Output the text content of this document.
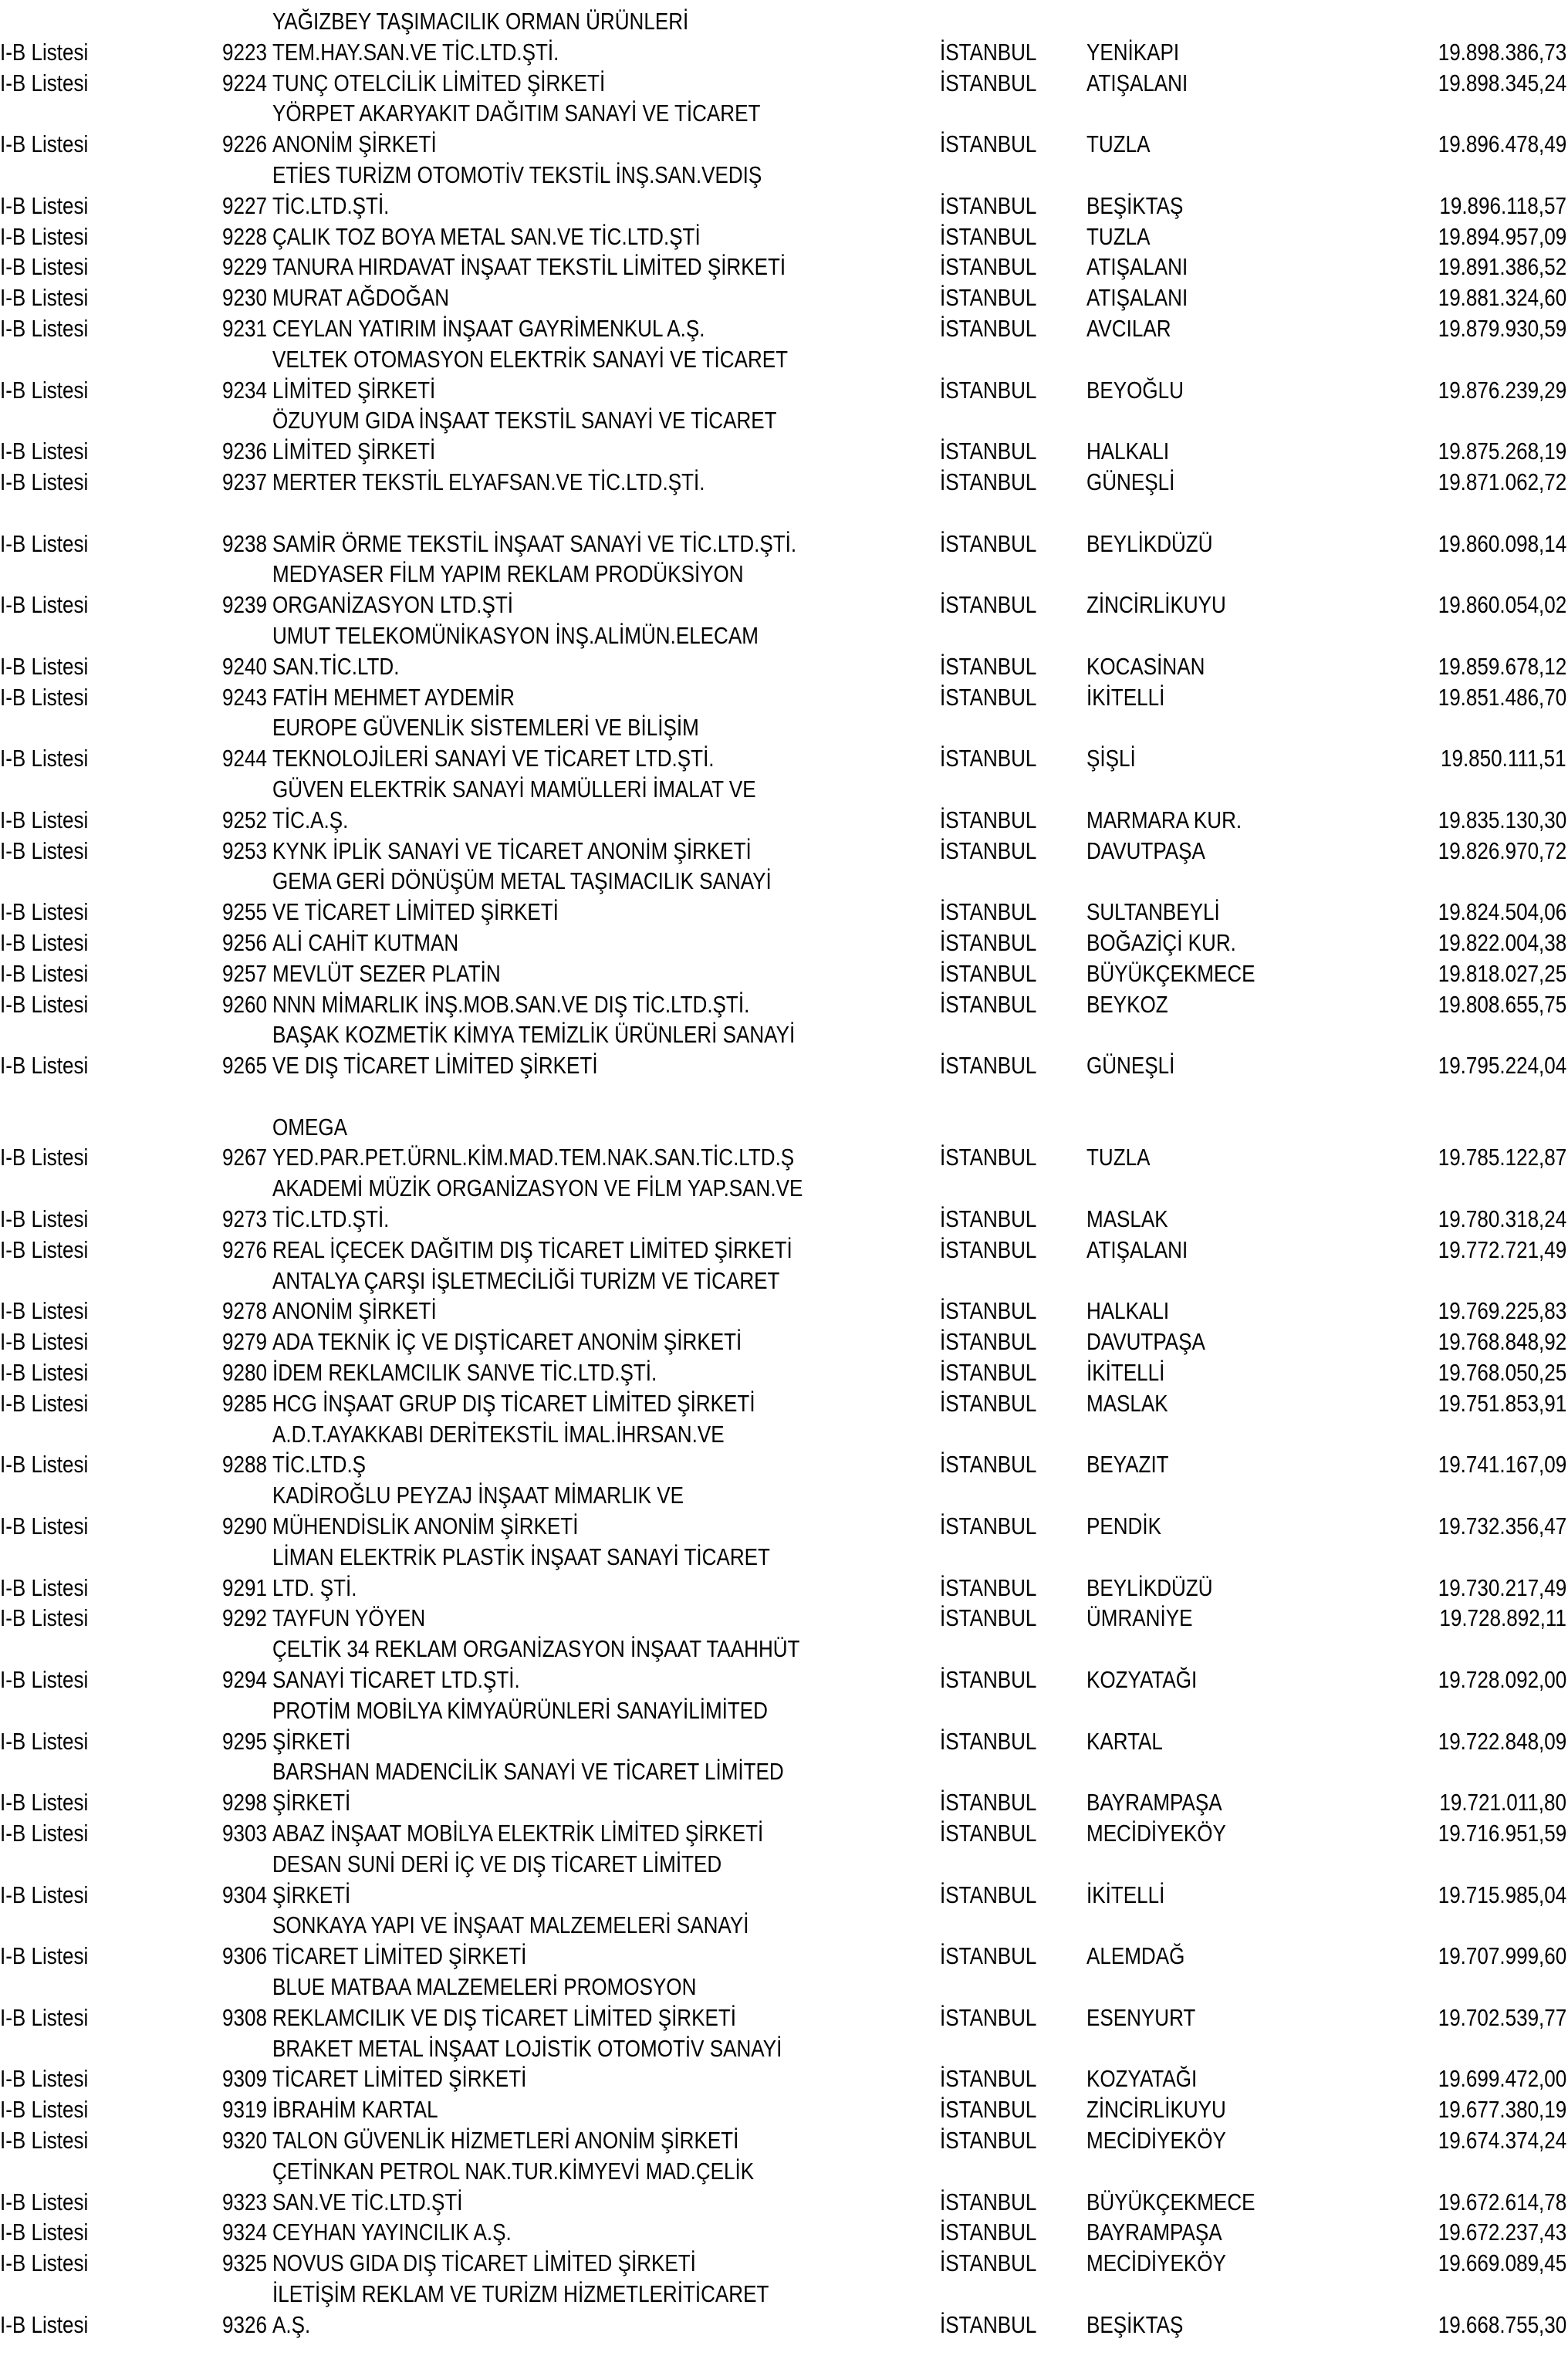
YAĞIZBEY TAŞIMACILIK ORMAN ÜRÜNLERİ
I-B Listesi	9223 TEM.HAY.SAN.VE TİC.LTD.ŞTİ.	İSTANBUL YENİKAPI	19.898.386,73
I-B Listesi	9224 TUNÇ OTELCİLİK LİMİTED ŞİRKETİ	İSTANBUL ATIŞALANI	19.898.345,24
YÖRPET AKARYAKIT DAĞITIM SANAYİ VE TİCARET
I-B Listesi	9226 ANONİM ŞİRKETİ	İSTANBUL TUZLA	19.896.478,49
ETİES TURİZM OTOMOTİV TEKSTİL İNŞ.SAN.VEDIŞ
I-B Listesi	9227 TİC.LTD.ŞTİ.	İSTANBUL BEŞİKTAŞ	19.896.118,57
I-B Listesi	9228 ÇALIK TOZ BOYA METAL SAN.VE TİC.LTD.ŞTİ	İSTANBUL TUZLA	19.894.957,09
I-B Listesi	9229 TANURA HIRDAVAT İNŞAAT TEKSTİL LİMİTED ŞİRKETİ	İSTANBUL ATIŞALANI	19.891.386,52
I-B Listesi	9230 MURAT AĞDOĞAN	İSTANBUL ATIŞALANI	19.881.324,60
I-B Listesi	9231 CEYLAN YATIRIM İNŞAAT GAYRİMENKUL A.Ş.	İSTANBUL AVCILAR	19.879.930,59
VELTEK OTOMASYON ELEKTRİK SANAYİ VE TİCARET
I-B Listesi	9234 LİMİTED ŞİRKETİ	İSTANBUL BEYOĞLU	19.876.239,29
ÖZUYUM GIDA İNŞAAT TEKSTİL SANAYİ VE TİCARET
I-B Listesi	9236 LİMİTED ŞİRKETİ	İSTANBUL HALKALI	19.875.268,19
I-B Listesi	9237 MERTER TEKSTİL ELYAFSAN.VE TİC.LTD.ŞTİ.	İSTANBUL GÜNEŞLİ	19.871.062,72
I-B Listesi	9238 SAMİR ÖRME TEKSTİL İNŞAAT SANAYİ VE TİC.LTD.ŞTİ.	İSTANBUL BEYLİKDÜZÜ	19.860.098,14
MEDYASER FİLM YAPIM REKLAM PRODÜKSİYON
I-B Listesi	9239 ORGANİZASYON LTD.ŞTİ	İSTANBUL ZİNCİRLİKUYU	19.860.054,02
UMUT TELEKOMÜNİKASYON İNŞ.ALİMÜN.ELECAM
I-B Listesi	9240 SAN.TİC.LTD.	İSTANBUL KOCASİNAN	19.859.678,12
I-B Listesi	9243 FATİH MEHMET AYDEMİR	İSTANBUL İKİTELLİ	19.851.486,70
EUROPE GÜVENLİK SİSTEMLERİ VE BİLİŞİM
I-B Listesi	9244 TEKNOLOJİLERİ SANAYİ VE TİCARET LTD.ŞTİ.	İSTANBUL ŞİŞLİ	19.850.111,51
GÜVEN ELEKTRİK SANAYİ MAMÜLLERİ İMALAT VE
I-B Listesi	9252 TİC.A.Ş.	İSTANBUL MARMARA KUR.	19.835.130,30
I-B Listesi	9253 KYNK İPLİK SANAYİ VE TİCARET ANONİM ŞİRKETİ	İSTANBUL DAVUTPAŞA	19.826.970,72
GEMA GERİ DÖNÜŞÜM METAL TAŞIMACILIK SANAYİ
I-B Listesi	9255 VE TİCARET LİMİTED ŞİRKETİ	İSTANBUL SULTANBEYLİ	19.824.504,06
I-B Listesi	9256 ALİ CAHİT KUTMAN	İSTANBUL BOĞAZİÇİ KUR.	19.822.004,38
I-B Listesi	9257 MEVLÜT SEZER PLATİN	İSTANBUL BÜYÜKÇEKMECE	19.818.027,25
I-B Listesi	9260 NNN MİMARLIK İNŞ.MOB.SAN.VE DIŞ TİC.LTD.ŞTİ.	İSTANBUL BEYKOZ	19.808.655,75
BAŞAK KOZMETİK KİMYA TEMİZLİK ÜRÜNLERİ SANAYİ
I-B Listesi	9265 VE DIŞ TİCARET LİMİTED ŞİRKETİ	İSTANBUL GÜNEŞLİ	19.795.224,04
OMEGA
I-B Listesi	9267 YED.PAR.PET.ÜRNL.KİM.MAD.TEM.NAK.SAN.TİC.LTD.Ş	İSTANBUL TUZLA	19.785.122,87
AKADEMİ MÜZİK ORGANİZASYON VE FİLM YAP.SAN.VE
I-B Listesi	9273 TİC.LTD.ŞTİ.	İSTANBUL MASLAK	19.780.318,24
I-B Listesi	9276 REAL İÇECEK DAĞITIM DIŞ TİCARET LİMİTED ŞİRKETİ	İSTANBUL ATIŞALANI	19.772.721,49
ANTALYA ÇARŞI İŞLETMECİLİĞİ TURİZM VE TİCARET
I-B Listesi	9278 ANONİM ŞİRKETİ	İSTANBUL HALKALI	19.769.225,83
I-B Listesi	9279 ADA TEKNİK İÇ VE DIŞTİCARET ANONİM ŞİRKETİ	İSTANBUL DAVUTPAŞA	19.768.848,92
I-B Listesi	9280 İDEM REKLAMCILIK SANVE TİC.LTD.ŞTİ.	İSTANBUL İKİTELLİ	19.768.050,25
I-B Listesi	9285 HCG İNŞAAT GRUP DIŞ TİCARET LİMİTED ŞİRKETİ	İSTANBUL MASLAK	19.751.853,91
A.D.T.AYAKKABI DERİTEKSTİL İMAL.İHRSAN.VE
I-B Listesi	9288 TİC.LTD.Ş	İSTANBUL BEYAZIT	19.741.167,09
KADİROĞLU PEYZAJ İNŞAAT MİMARLIK VE
I-B Listesi	9290 MÜHENDİSLİK ANONİM ŞİRKETİ	İSTANBUL PENDİK	19.732.356,47
LİMAN ELEKTRİK PLASTİK İNŞAAT SANAYİ TİCARET
I-B Listesi	9291 LTD. ŞTİ.	İSTANBUL BEYLİKDÜZÜ	19.730.217,49
I-B Listesi	9292 TAYFUN YÖYEN	İSTANBUL ÜMRANİYE	19.728.892,11
ÇELTİK 34 REKLAM ORGANİZASYON İNŞAAT TAAHHÜT
I-B Listesi	9294 SANAYİ TİCARET LTD.ŞTİ.	İSTANBUL KOZYATAĞI	19.728.092,00
PROTİM MOBİLYA KİMYAÜRÜNLERİ SANAYİLİMİTED
I-B Listesi	9295 ŞİRKETİ	İSTANBUL KARTAL	19.722.848,09
BARSHAN MADENCİLİK SANAYİ VE TİCARET LİMİTED
I-B Listesi	9298 ŞİRKETİ	İSTANBUL BAYRAMPAŞA	19.721.011,80
I-B Listesi	9303 ABAZ İNŞAAT MOBİLYA ELEKTRİK LİMİTED ŞİRKETİ	İSTANBUL MECİDİYEKÖY	19.716.951,59
DESAN SUNİ DERİ İÇ VE DIŞ TİCARET LİMİTED
I-B Listesi	9304 ŞİRKETİ	İSTANBUL İKİTELLİ	19.715.985,04
SONKAYA YAPI VE İNŞAAT MALZEMELERİ SANAYİ
I-B Listesi	9306 TİCARET LİMİTED ŞİRKETİ	İSTANBUL ALEMDAĞ	19.707.999,60
BLUE MATBAA MALZEMELERİ PROMOSYON
I-B Listesi	9308 REKLAMCILIK VE DIŞ TİCARET LİMİTED ŞİRKETİ	İSTANBUL ESENYURT	19.702.539,77
BRAKET METAL İNŞAAT LOJİSTİK OTOMOTİV SANAYİ
I-B Listesi	9309 TİCARET LİMİTED ŞİRKETİ	İSTANBUL KOZYATAĞI	19.699.472,00
I-B Listesi	9319 İBRAHİM KARTAL	İSTANBUL ZİNCİRLİKUYU	19.677.380,19
I-B Listesi	9320 TALON GÜVENLİK HİZMETLERİ ANONİM ŞİRKETİ	İSTANBUL MECİDİYEKÖY	19.674.374,24
ÇETİNKAN PETROL NAK.TUR.KİMYEVİ MAD.ÇELİK
I-B Listesi	9323 SAN.VE TİC.LTD.ŞTİ	İSTANBUL BÜYÜKÇEKMECE	19.672.614,78
I-B Listesi	9324 CEYHAN YAYINCILIK A.Ş.	İSTANBUL BAYRAMPAŞA	19.672.237,43
I-B Listesi	9325 NOVUS GIDA DIŞ TİCARET LİMİTED ŞİRKETİ	İSTANBUL MECİDİYEKÖY	19.669.089,45
İLETİŞİM REKLAM VE TURİZM HİZMETLERİTİCARET
I-B Listesi	9326 A.Ş.	İSTANBUL BEŞİKTAŞ	19.668.755,30
